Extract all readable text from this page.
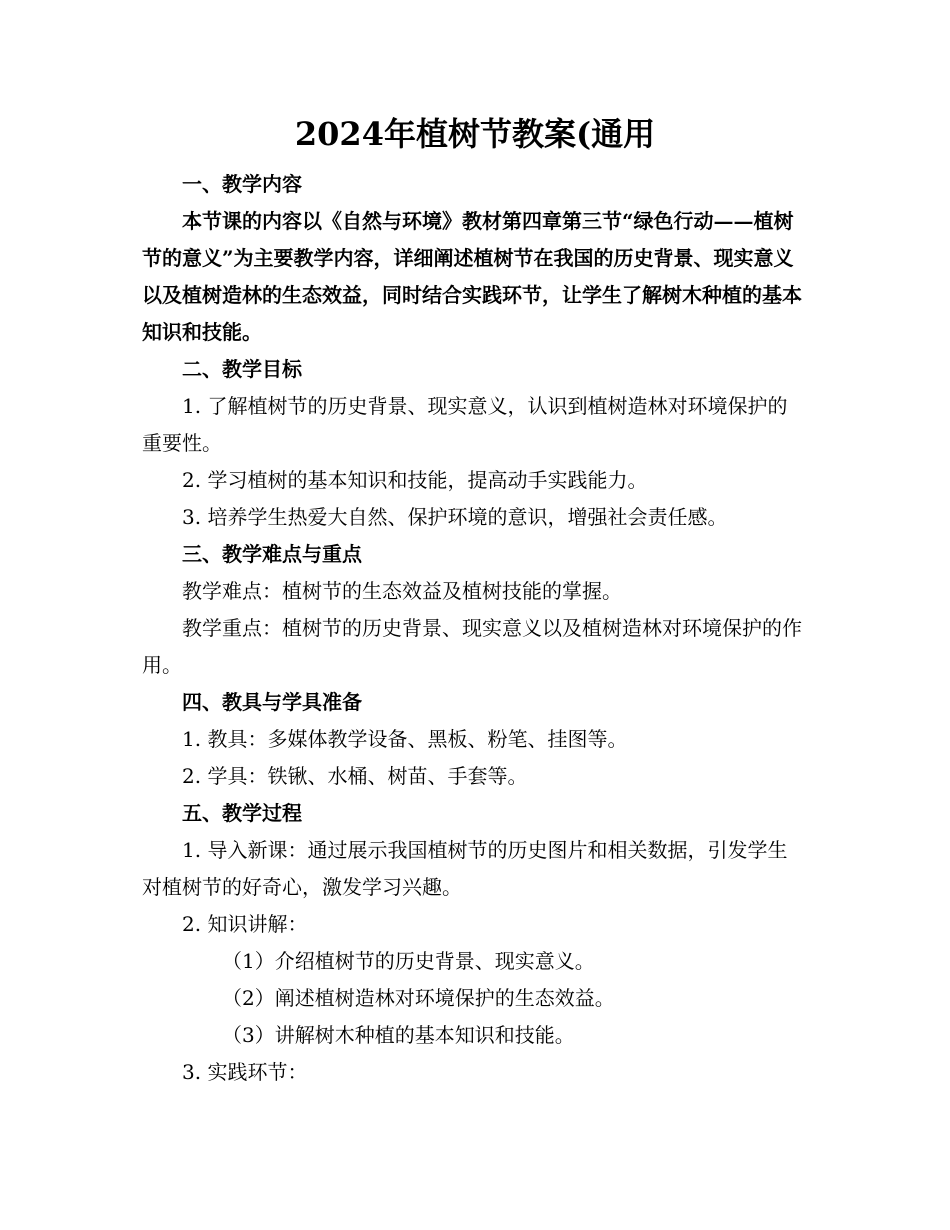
2024年植树节教案(通用

一、教学内容

本节课的内容以《自然与环境》教材第四章第三节“绿色行动——植树节的意义”为主要教学内容，详细阐述植树节在我国的历史背景、现实意义以及植树造林的生态效益，同时结合实践环节，让学生了解树木种植的基本知识和技能。

二、教学目标

1. 了解植树节的历史背景、现实意义，认识到植树造林对环境保护的重要性。

2. 学习植树的基本知识和技能，提高动手实践能力。

3. 培养学生热爱大自然、保护环境的意识，增强社会责任感。

三、教学难点与重点

教学难点：植树节的生态效益及植树技能的掌握。

教学重点：植树节的历史背景、现实意义以及植树造林对环境保护的作用。

四、教具与学具准备

1. 教具：多媒体教学设备、黑板、粉笔、挂图等。

2. 学具：铁锹、水桶、树苗、手套等。

五、教学过程

1. 导入新课：通过展示我国植树节的历史图片和相关数据，引发学生对植树节的好奇心，激发学习兴趣。

2. 知识讲解：

（1）介绍植树节的历史背景、现实意义。

（2）阐述植树造林对环境保护的生态效益。

（3）讲解树木种植的基本知识和技能。

3. 实践环节：
